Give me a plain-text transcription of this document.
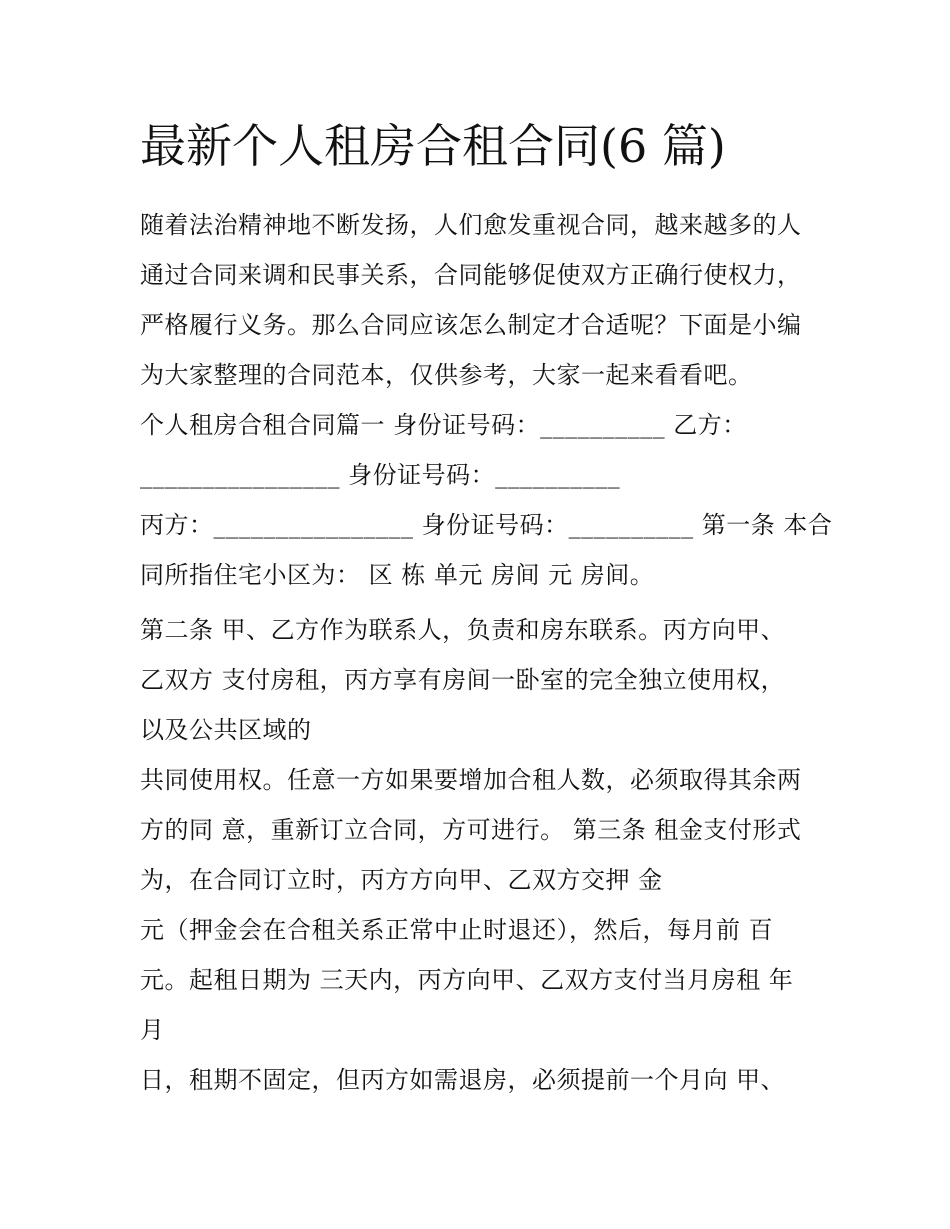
最新个人租房合租合同(6 篇)
随着法治精神地不断发扬，人们愈发重视合同，越来越多的人
通过合同来调和民事关系，合同能够促使双方正确行使权力，
严格履行义务。那么合同应该怎么制定才合适呢？下面是小编
为大家整理的合同范本，仅供参考，大家一起来看看吧。
个人租房合租合同篇一 身份证号码：__________ 乙方：
________________ 身份证号码：__________
丙方：________________ 身份证号码：__________ 第一条 本合
同所指住宅小区为： 区 栋 单元 房间 元 房间。
第二条 甲、乙方作为联系人，负责和房东联系。丙方向甲、
乙双方 支付房租，丙方享有房间一卧室的完全独立使用权，
以及公共区域的
共同使用权。任意一方如果要增加合租人数，必须取得其余两
方的同 意，重新订立合同，方可进行。 第三条 租金支付形式
为，在合同订立时，丙方方向甲、乙双方交押 金
元（押金会在合租关系正常中止时退还），然后，每月前 百
元。起租日期为 三天内，丙方向甲、乙双方支付当月房租 年
月
日，租期不固定，但丙方如需退房，必须提前一个月向 甲、
